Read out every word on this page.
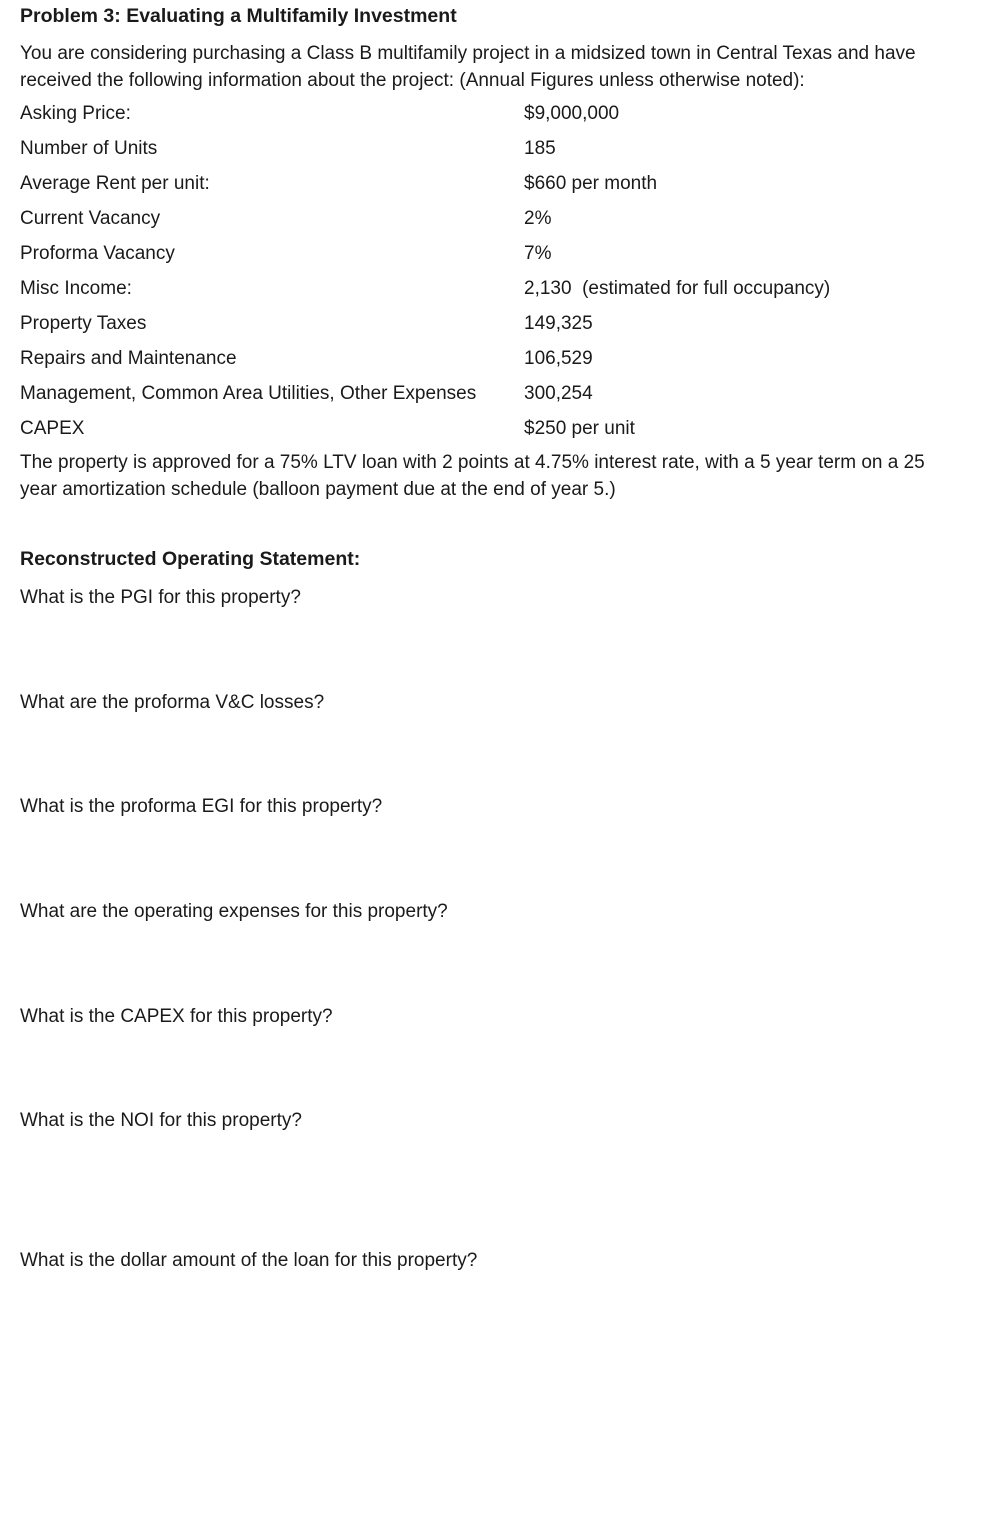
Problem 3: Evaluating a Multifamily Investment
You are considering purchasing a Class B multifamily project in a midsized town in Central Texas and have received the following information about the project: (Annual Figures unless otherwise noted):
Asking Price:	$9,000,000
Number of Units	185
Average Rent per unit:	$660 per month
Current Vacancy	2%
Proforma Vacancy	7%
Misc Income:	2,130  (estimated for full occupancy)
Property Taxes	149,325
Repairs and Maintenance	106,529
Management, Common Area Utilities, Other Expenses	300,254
CAPEX	$250 per unit
The property is approved for a 75% LTV loan with 2 points at 4.75% interest rate, with a 5 year term on a 25 year amortization schedule (balloon payment due at the end of year 5.)
Reconstructed Operating Statement:
What is the PGI for this property?
What are the proforma V&C losses?
What is the proforma EGI for this property?
What are the operating expenses for this property?
What is the CAPEX for this property?
What is the NOI for this property?
What is the dollar amount of the loan for this property?
